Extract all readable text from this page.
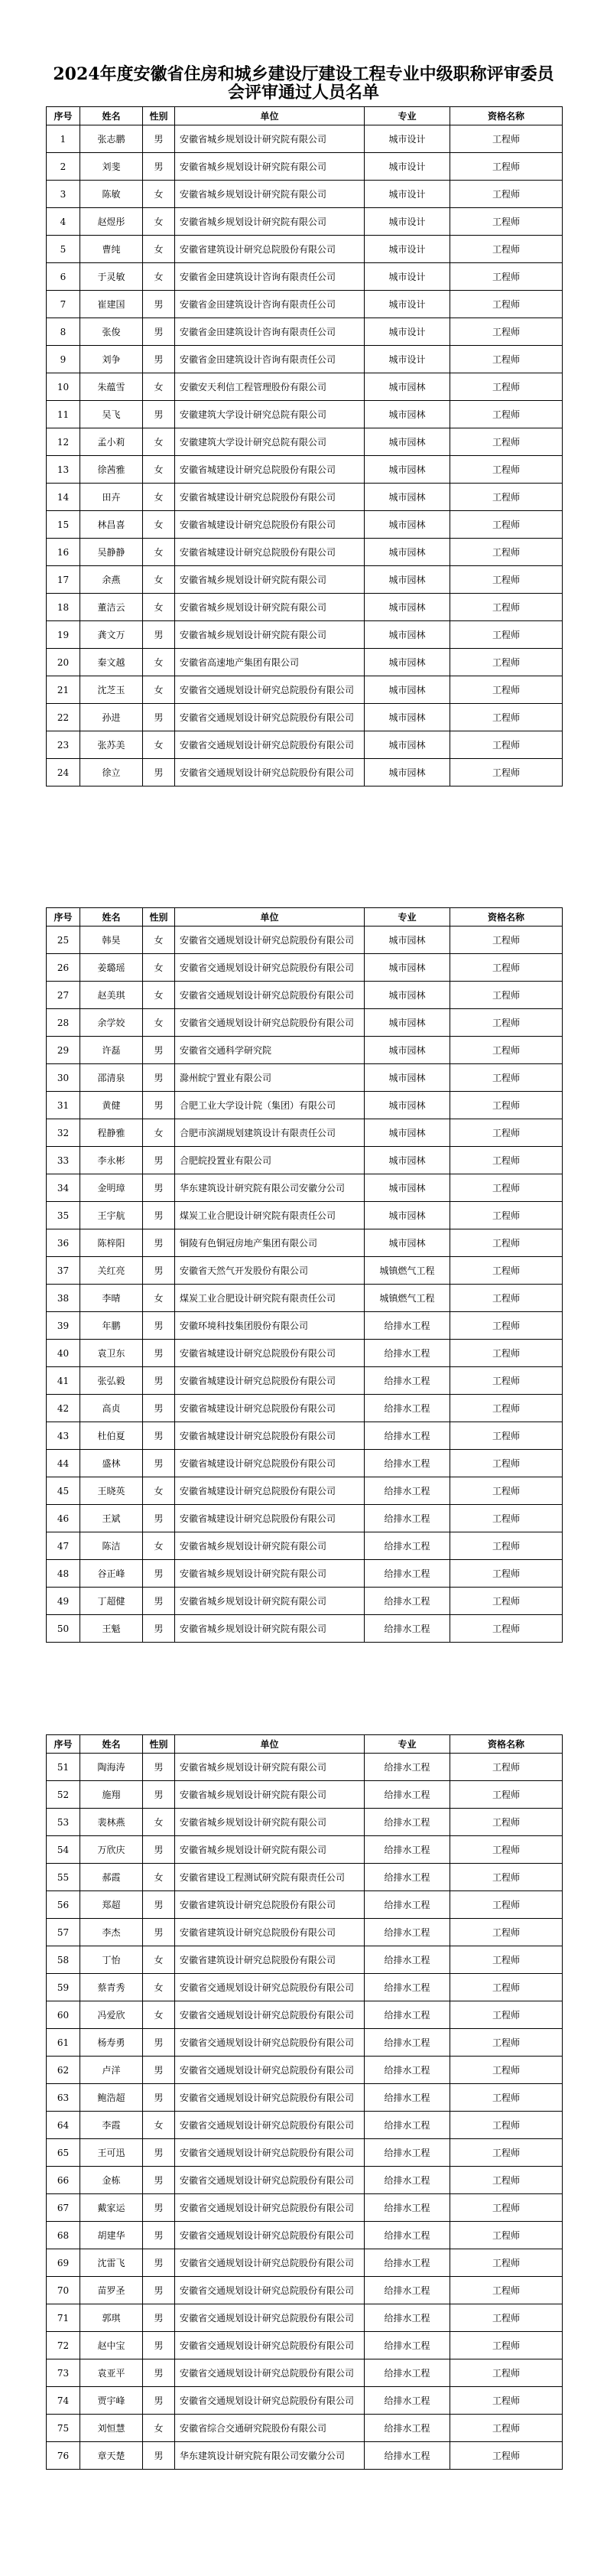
2024年度安徽省住房和城乡建设厅建设工程专业中级职称评审委员
会评审通过人员名单
序号	姓名	性别	单位	专业	资格名称
1	张志鹏	男	安徽省城乡规划设计研究院有限公司	城市设计	工程师
2	刘斐	男	安徽省城乡规划设计研究院有限公司	城市设计	工程师
3	陈敏	女	安徽省城乡规划设计研究院有限公司	城市设计	工程师
4	赵煜彤	女	安徽省城乡规划设计研究院有限公司	城市设计	工程师
5	曹纯	女	安徽省建筑设计研究总院股份有限公司	城市设计	工程师
6	于灵敏	女	安徽省金田建筑设计咨询有限责任公司	城市设计	工程师
7	崔建国	男	安徽省金田建筑设计咨询有限责任公司	城市设计	工程师
8	张俊	男	安徽省金田建筑设计咨询有限责任公司	城市设计	工程师
9	刘争	男	安徽省金田建筑设计咨询有限责任公司	城市设计	工程师
10	朱蕴雪	女	安徽安天利信工程管理股份有限公司	城市园林	工程师
11	吴飞	男	安徽建筑大学设计研究总院有限公司	城市园林	工程师
12	孟小莉	女	安徽建筑大学设计研究总院有限公司	城市园林	工程师
13	徐茜雅	女	安徽省城建设计研究总院股份有限公司	城市园林	工程师
14	田卉	女	安徽省城建设计研究总院股份有限公司	城市园林	工程师
15	林昌喜	女	安徽省城建设计研究总院股份有限公司	城市园林	工程师
16	吴静静	女	安徽省城建设计研究总院股份有限公司	城市园林	工程师
17	余燕	女	安徽省城乡规划设计研究院有限公司	城市园林	工程师
18	董洁云	女	安徽省城乡规划设计研究院有限公司	城市园林	工程师
19	龚文万	男	安徽省城乡规划设计研究院有限公司	城市园林	工程师
20	秦文越	女	安徽省高速地产集团有限公司	城市园林	工程师
21	沈芝玉	女	安徽省交通规划设计研究总院股份有限公司	城市园林	工程师
22	孙进	男	安徽省交通规划设计研究总院股份有限公司	城市园林	工程师
23	张苏美	女	安徽省交通规划设计研究总院股份有限公司	城市园林	工程师
24	徐立	男	安徽省交通规划设计研究总院股份有限公司	城市园林	工程师
序号	姓名	性别	单位	专业	资格名称
25	韩昊	女	安徽省交通规划设计研究总院股份有限公司	城市园林	工程师
26	姜璐瑶	女	安徽省交通规划设计研究总院股份有限公司	城市园林	工程师
27	赵美琪	女	安徽省交通规划设计研究总院股份有限公司	城市园林	工程师
28	余学姣	女	安徽省交通规划设计研究总院股份有限公司	城市园林	工程师
29	许磊	男	安徽省交通科学研究院	城市园林	工程师
30	邵清泉	男	滁州皖宁置业有限公司	城市园林	工程师
31	黄健	男	合肥工业大学设计院（集团）有限公司	城市园林	工程师
32	程静雅	女	合肥市滨湖规划建筑设计有限责任公司	城市园林	工程师
33	李永彬	男	合肥皖投置业有限公司	城市园林	工程师
34	金明璋	男	华东建筑设计研究院有限公司安徽分公司	城市园林	工程师
35	王宇航	男	煤炭工业合肥设计研究院有限责任公司	城市园林	工程师
36	陈梓阳	男	铜陵有色铜冠房地产集团有限公司	城市园林	工程师
37	关红亮	男	安徽省天然气开发股份有限公司	城镇燃气工程	工程师
38	李晴	女	煤炭工业合肥设计研究院有限责任公司	城镇燃气工程	工程师
39	年鹏	男	安徽环境科技集团股份有限公司	给排水工程	工程师
40	袁卫东	男	安徽省城建设计研究总院股份有限公司	给排水工程	工程师
41	张弘毅	男	安徽省城建设计研究总院股份有限公司	给排水工程	工程师
42	高贞	男	安徽省城建设计研究总院股份有限公司	给排水工程	工程师
43	杜伯夏	男	安徽省城建设计研究总院股份有限公司	给排水工程	工程师
44	盛林	男	安徽省城建设计研究总院股份有限公司	给排水工程	工程师
45	王晓英	女	安徽省城建设计研究总院股份有限公司	给排水工程	工程师
46	王斌	男	安徽省城建设计研究总院股份有限公司	给排水工程	工程师
47	陈洁	女	安徽省城乡规划设计研究院有限公司	给排水工程	工程师
48	谷正峰	男	安徽省城乡规划设计研究院有限公司	给排水工程	工程师
49	丁超健	男	安徽省城乡规划设计研究院有限公司	给排水工程	工程师
50	王魁	男	安徽省城乡规划设计研究院有限公司	给排水工程	工程师
序号	姓名	性别	单位	专业	资格名称
51	陶海涛	男	安徽省城乡规划设计研究院有限公司	给排水工程	工程师
52	施翔	男	安徽省城乡规划设计研究院有限公司	给排水工程	工程师
53	裴林燕	女	安徽省城乡规划设计研究院有限公司	给排水工程	工程师
54	万欣庆	男	安徽省城乡规划设计研究院有限公司	给排水工程	工程师
55	郝霞	女	安徽省建设工程测试研究院有限责任公司	给排水工程	工程师
56	郑超	男	安徽省建筑设计研究总院股份有限公司	给排水工程	工程师
57	李杰	男	安徽省建筑设计研究总院股份有限公司	给排水工程	工程师
58	丁怡	女	安徽省建筑设计研究总院股份有限公司	给排水工程	工程师
59	蔡青秀	女	安徽省交通规划设计研究总院股份有限公司	给排水工程	工程师
60	冯爱欣	女	安徽省交通规划设计研究总院股份有限公司	给排水工程	工程师
61	杨寿勇	男	安徽省交通规划设计研究总院股份有限公司	给排水工程	工程师
62	卢洋	男	安徽省交通规划设计研究总院股份有限公司	给排水工程	工程师
63	鲍浩超	男	安徽省交通规划设计研究总院股份有限公司	给排水工程	工程师
64	李霞	女	安徽省交通规划设计研究总院股份有限公司	给排水工程	工程师
65	王可迅	男	安徽省交通规划设计研究总院股份有限公司	给排水工程	工程师
66	金栋	男	安徽省交通规划设计研究总院股份有限公司	给排水工程	工程师
67	戴家运	男	安徽省交通规划设计研究总院股份有限公司	给排水工程	工程师
68	胡建华	男	安徽省交通规划设计研究总院股份有限公司	给排水工程	工程师
69	沈雷飞	男	安徽省交通规划设计研究总院股份有限公司	给排水工程	工程师
70	苗罗圣	男	安徽省交通规划设计研究总院股份有限公司	给排水工程	工程师
71	郭琪	男	安徽省交通规划设计研究总院股份有限公司	给排水工程	工程师
72	赵中宝	男	安徽省交通规划设计研究总院股份有限公司	给排水工程	工程师
73	袁亚平	男	安徽省交通规划设计研究总院股份有限公司	给排水工程	工程师
74	贾宇峰	男	安徽省交通规划设计研究总院股份有限公司	给排水工程	工程师
75	刘恒慧	女	安徽省综合交通研究院股份有限公司	给排水工程	工程师
76	章天楚	男	华东建筑设计研究院有限公司安徽分公司	给排水工程	工程师
